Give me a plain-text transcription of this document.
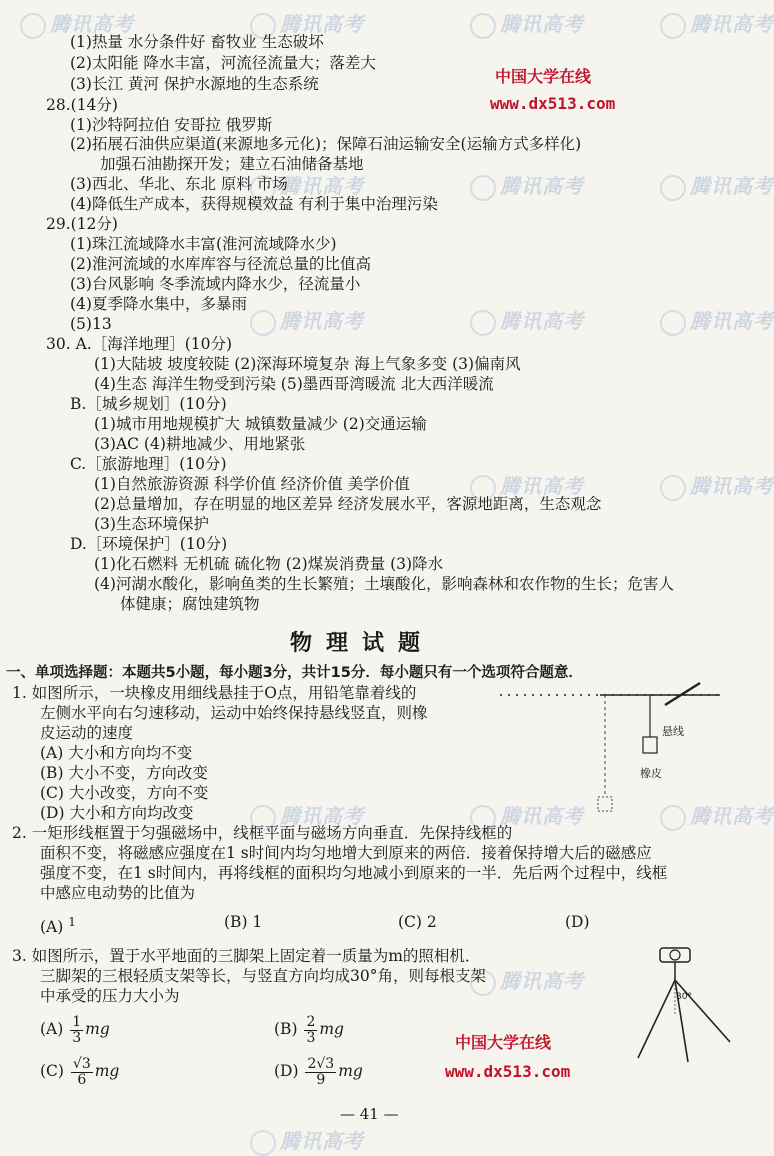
腾讯高考	腾讯高考	腾讯高考	腾讯高考
腾讯高考	腾讯高考	腾讯高考
腾讯高考	腾讯高考	腾讯高考
腾讯高考	腾讯高考
腾讯高考	腾讯高考	腾讯高考
腾讯高考
腾讯高考
中国大学在线
www.dx513.com
(1)热量 水分条件好 畜牧业 生态破坏
(2)太阳能 降水丰富，河流径流量大；落差大
(3)长江 黄河 保护水源地的生态系统
28.(14分)
(1)沙特阿拉伯 安哥拉 俄罗斯
(2)拓展石油供应渠道(来源地多元化)；保障石油运输安全(运输方式多样化)
加强石油勘探开发；建立石油储备基地
(3)西北、华北、东北 原料 市场
(4)降低生产成本，获得规模效益 有利于集中治理污染
29.(12分)
(1)珠江流域降水丰富(淮河流域降水少)
(2)淮河流域的水库库容与径流总量的比值高
(3)台风影响 冬季流域内降水少，径流量小
(4)夏季降水集中，多暴雨
(5)13
30. A.［海洋地理］(10分)
(1)大陆坡 坡度较陡 (2)深海环境复杂 海上气象多变 (3)偏南风
(4)生态 海洋生物受到污染 (5)墨西哥湾暖流 北大西洋暖流
B.［城乡规划］(10分)
(1)城市用地规模扩大 城镇数量减少 (2)交通运输
(3)AC (4)耕地减少、用地紧张
C.［旅游地理］(10分)
(1)自然旅游资源 科学价值 经济价值 美学价值
(2)总量增加，存在明显的地区差异 经济发展水平，客源地距离，生态观念
(3)生态环境保护
D.［环境保护］(10分)
(1)化石燃料 无机硫 硫化物 (2)煤炭消费量 (3)降水
(4)河湖水酸化，影响鱼类的生长繁殖；土壤酸化，影响森林和农作物的生长；危害人
体健康；腐蚀建筑物
物理试题
一、单项选择题：本题共5小题，每小题3分，共计15分．每小题只有一个选项符合题意．
1. 如图所示，一块橡皮用细线悬挂于O点，用铅笔靠着线的
左侧水平向右匀速移动，运动中始终保持悬线竖直，则橡
皮运动的速度
(A) 大小和方向均不变
(B) 大小不变，方向改变
(C) 大小改变，方向不变
(D) 大小和方向均改变
悬线
橡皮
2. 一矩形线框置于匀强磁场中，线框平面与磁场方向垂直．先保持线框的
面积不变，将磁感应强度在1 s时间内均匀地增大到原来的两倍．接着保持增大后的磁感应
强度不变，在1 s时间内，再将线框的面积均匀地减小到原来的一半．先后两个过程中，线框
中感应电动势的比值为
(A) $^1$	(B) 1	(C) 2	(D)
3. 如图所示，置于水平地面的三脚架上固定着一质量为m的照相机．
三脚架的三根轻质支架等长，与竖直方向均成30°角，则每根支架
中承受的压力大小为
$(A) \frac{1}{3}$ mg	$(B) \frac{2}{3}$ mg
$(C) \frac{√3}{6}$ mg	$(D) \frac{2√3}{9}$ mg
30°
中国大学在线
www.dx513.com
— 41 —
